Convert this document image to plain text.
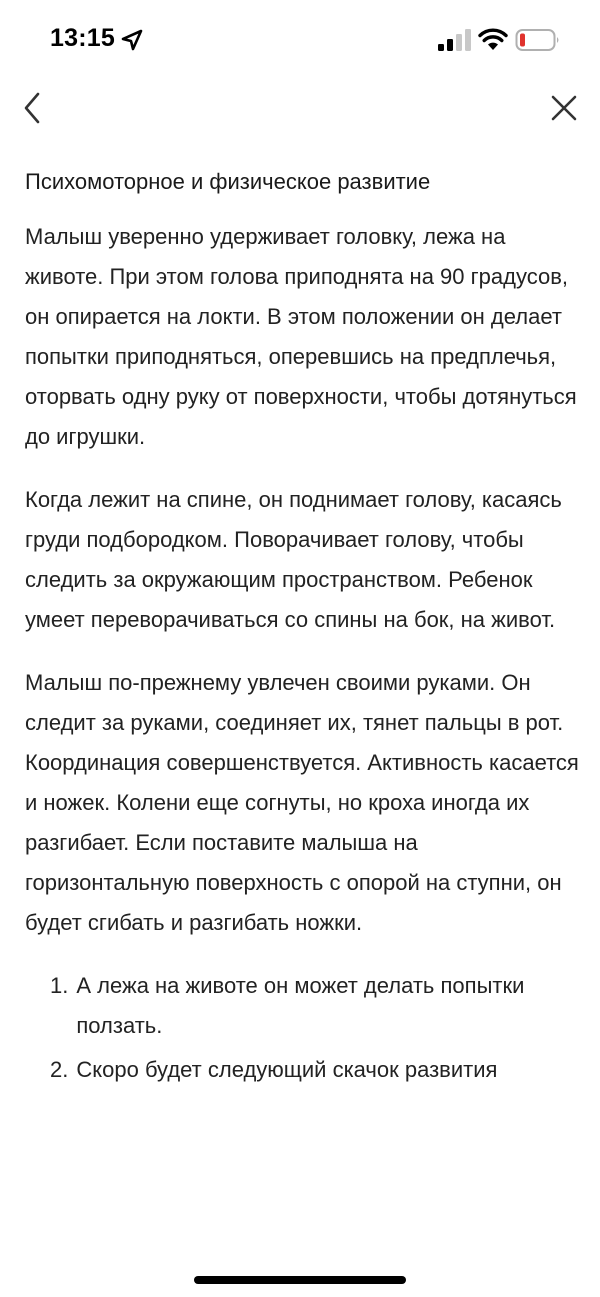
13:15
Психомоторное и физическое развитие

Малыш уверенно удерживает головку, лежа на животе. При этом голова приподнята на 90 градусов, он опирается на локти. В этом положении он делает попытки приподняться, оперевшись на предплечья, оторвать одну руку от поверхности, чтобы дотянуться до игрушки.

Когда лежит на спине, он поднимает голову, касаясь груди подбородком. Поворачивает голову, чтобы следить за окружающим пространством. Ребенок умеет переворачиваться со спины на бок, на живот.

Малыш по-прежнему увлечен своими руками. Он следит за руками, соединяет их, тянет пальцы в рот. Координация совершенствуется. Активность касается и ножек. Колени еще согнуты, но кроха иногда их разгибает. Если поставите малыша на горизонтальную поверхность с опорой на ступни, он будет сгибать и разгибать ножки.

1. А лежа на животе он может делать попытки ползать.
2. Скоро будет следующий скачок развития
